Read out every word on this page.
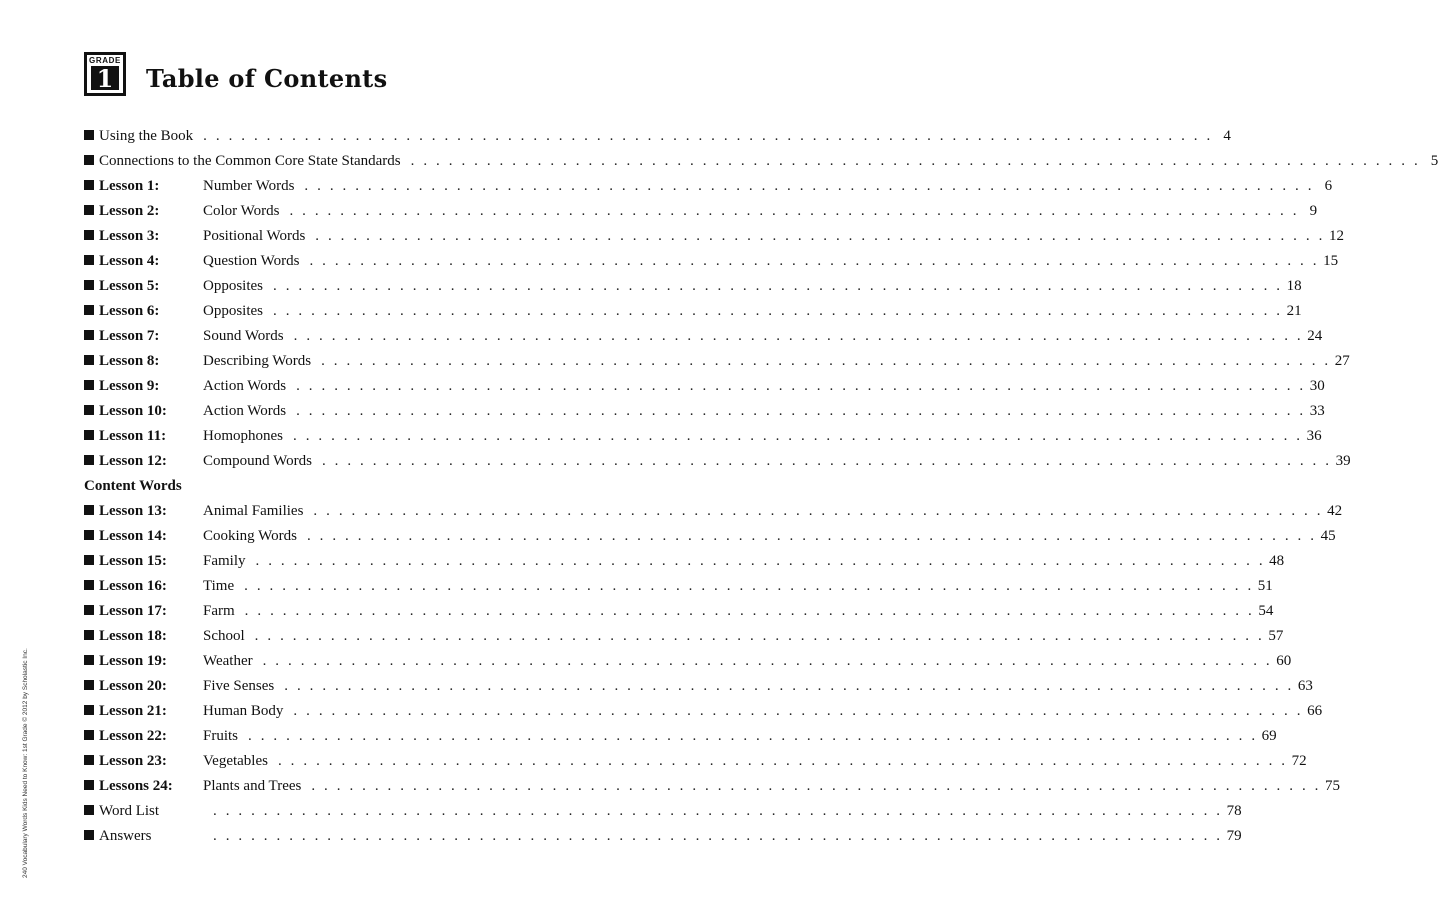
GRADE
1 Table of Contents
Using the Book . . . . . . . . . . . . . . . . . . . . . . . . . . . . . . . . . . . . . . . . . . . . . . . . . . . . . . . . . . . . . . . . . . . . . . . . . . . . . . . . 4
Connections to the Common Core State Standards . . . . . . . . . . . . . . . . . . . . . . . . . . . . . . . . . . . . . . . . . . . . . . . . . . . . . . . . . . . . . . . . . . . . . . . . . . . . . . . . 5
Lesson 1:	Number Words . . . . . . . . . . . . . . . . . . . . . . . . . . . . . . . . . . . . . . . . . . . . . . . . . . . . . . . . . . . . . . . . . . . . . . . . . . . . . . . . 6
Lesson 2:	Color Words . . . . . . . . . . . . . . . . . . . . . . . . . . . . . . . . . . . . . . . . . . . . . . . . . . . . . . . . . . . . . . . . . . . . . . . . . . . . . . . . 9
Lesson 3:	Positional Words . . . . . . . . . . . . . . . . . . . . . . . . . . . . . . . . . . . . . . . . . . . . . . . . . . . . . . . . . . . . . . . . . . . . . . . . . . . . . . . . 12
Lesson 4:	Question Words . . . . . . . . . . . . . . . . . . . . . . . . . . . . . . . . . . . . . . . . . . . . . . . . . . . . . . . . . . . . . . . . . . . . . . . . . . . . . . . . 15
Lesson 5:	Opposites . . . . . . . . . . . . . . . . . . . . . . . . . . . . . . . . . . . . . . . . . . . . . . . . . . . . . . . . . . . . . . . . . . . . . . . . . . . . . . . . 18
Lesson 6:	Opposites . . . . . . . . . . . . . . . . . . . . . . . . . . . . . . . . . . . . . . . . . . . . . . . . . . . . . . . . . . . . . . . . . . . . . . . . . . . . . . . . 21
Lesson 7:	Sound Words . . . . . . . . . . . . . . . . . . . . . . . . . . . . . . . . . . . . . . . . . . . . . . . . . . . . . . . . . . . . . . . . . . . . . . . . . . . . . . . . 24
Lesson 8:	Describing Words . . . . . . . . . . . . . . . . . . . . . . . . . . . . . . . . . . . . . . . . . . . . . . . . . . . . . . . . . . . . . . . . . . . . . . . . . . . . . . . . 27
Lesson 9:	Action Words . . . . . . . . . . . . . . . . . . . . . . . . . . . . . . . . . . . . . . . . . . . . . . . . . . . . . . . . . . . . . . . . . . . . . . . . . . . . . . . . 30
Lesson 10:	Action Words . . . . . . . . . . . . . . . . . . . . . . . . . . . . . . . . . . . . . . . . . . . . . . . . . . . . . . . . . . . . . . . . . . . . . . . . . . . . . . . . 33
Lesson 11:	Homophones . . . . . . . . . . . . . . . . . . . . . . . . . . . . . . . . . . . . . . . . . . . . . . . . . . . . . . . . . . . . . . . . . . . . . . . . . . . . . . . . 36
Lesson 12:	Compound Words . . . . . . . . . . . . . . . . . . . . . . . . . . . . . . . . . . . . . . . . . . . . . . . . . . . . . . . . . . . . . . . . . . . . . . . . . . . . . . . . 39
Content Words
Lesson 13:	Animal Families . . . . . . . . . . . . . . . . . . . . . . . . . . . . . . . . . . . . . . . . . . . . . . . . . . . . . . . . . . . . . . . . . . . . . . . . . . . . . . . . 42
Lesson 14:	Cooking Words . . . . . . . . . . . . . . . . . . . . . . . . . . . . . . . . . . . . . . . . . . . . . . . . . . . . . . . . . . . . . . . . . . . . . . . . . . . . . . . . 45
Lesson 15:	Family . . . . . . . . . . . . . . . . . . . . . . . . . . . . . . . . . . . . . . . . . . . . . . . . . . . . . . . . . . . . . . . . . . . . . . . . . . . . . . . . 48
Lesson 16:	Time . . . . . . . . . . . . . . . . . . . . . . . . . . . . . . . . . . . . . . . . . . . . . . . . . . . . . . . . . . . . . . . . . . . . . . . . . . . . . . . . 51
Lesson 17:	Farm . . . . . . . . . . . . . . . . . . . . . . . . . . . . . . . . . . . . . . . . . . . . . . . . . . . . . . . . . . . . . . . . . . . . . . . . . . . . . . . . 54
Lesson 18:	School . . . . . . . . . . . . . . . . . . . . . . . . . . . . . . . . . . . . . . . . . . . . . . . . . . . . . . . . . . . . . . . . . . . . . . . . . . . . . . . . 57
Lesson 19:	Weather . . . . . . . . . . . . . . . . . . . . . . . . . . . . . . . . . . . . . . . . . . . . . . . . . . . . . . . . . . . . . . . . . . . . . . . . . . . . . . . . 60
Lesson 20:	Five Senses . . . . . . . . . . . . . . . . . . . . . . . . . . . . . . . . . . . . . . . . . . . . . . . . . . . . . . . . . . . . . . . . . . . . . . . . . . . . . . . . 63
Lesson 21:	Human Body . . . . . . . . . . . . . . . . . . . . . . . . . . . . . . . . . . . . . . . . . . . . . . . . . . . . . . . . . . . . . . . . . . . . . . . . . . . . . . . . 66
Lesson 22:	Fruits . . . . . . . . . . . . . . . . . . . . . . . . . . . . . . . . . . . . . . . . . . . . . . . . . . . . . . . . . . . . . . . . . . . . . . . . . . . . . . . . 69
Lesson 23:	Vegetables . . . . . . . . . . . . . . . . . . . . . . . . . . . . . . . . . . . . . . . . . . . . . . . . . . . . . . . . . . . . . . . . . . . . . . . . . . . . . . . . 72
Lessons 24:	Plants and Trees . . . . . . . . . . . . . . . . . . . . . . . . . . . . . . . . . . . . . . . . . . . . . . . . . . . . . . . . . . . . . . . . . . . . . . . . . . . . . . . . 75
Word List	. . . . . . . . . . . . . . . . . . . . . . . . . . . . . . . . . . . . . . . . . . . . . . . . . . . . . . . . . . . . . . . . . . . . . . . . . . . . . . . . 78
Answers	. . . . . . . . . . . . . . . . . . . . . . . . . . . . . . . . . . . . . . . . . . . . . . . . . . . . . . . . . . . . . . . . . . . . . . . . . . . . . . . . 79
240 Vocabulary Words Kids Need to Know: 1st Grade © 2012 by Scholastic Inc.
